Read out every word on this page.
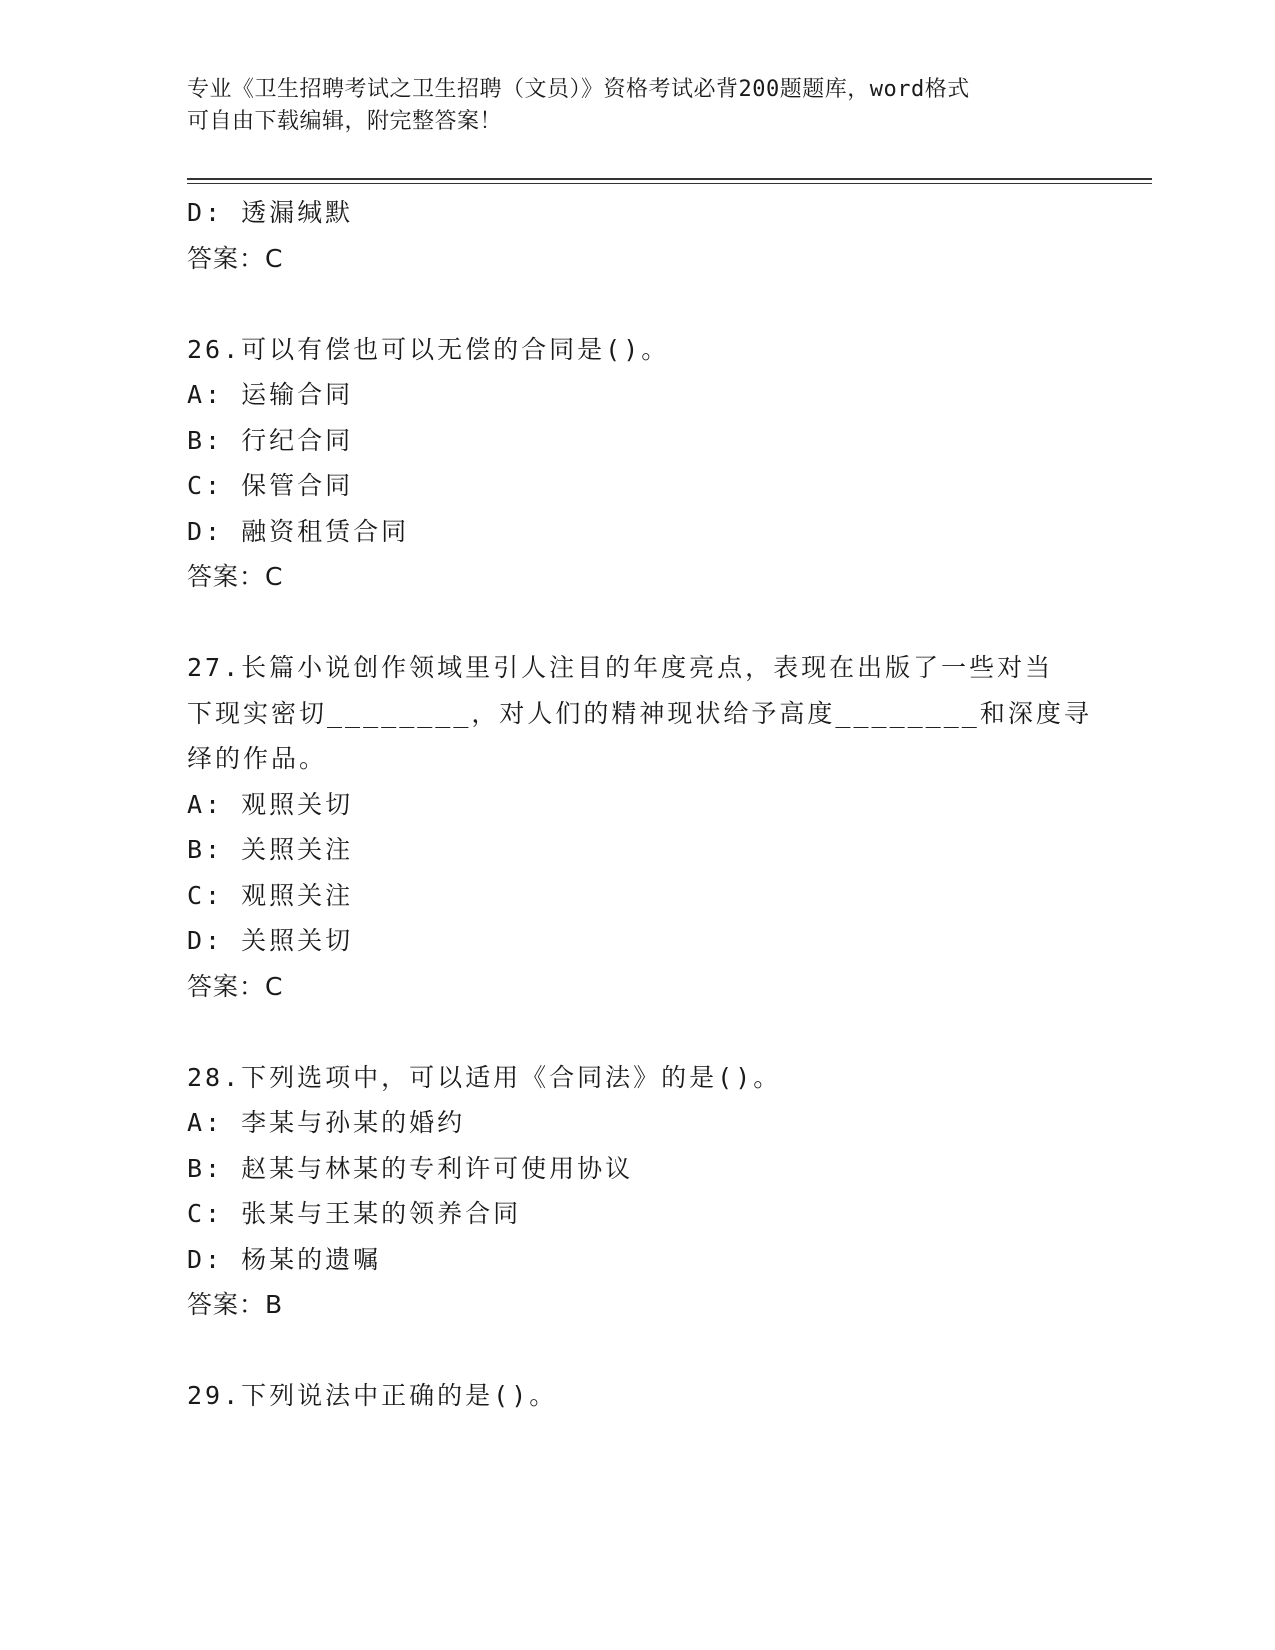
专业《卫生招聘考试之卫生招聘（文员）》资格考试必背200题题库，word格式
可自由下载编辑，附完整答案！
D: 透漏缄默
答案：C
26.可以有偿也可以无偿的合同是()。
A: 运输合同
B: 行纪合同
C: 保管合同
D: 融资租赁合同
答案：C
27.长篇小说创作领域里引人注目的年度亮点，表现在出版了一些对当
下现实密切________，对人们的精神现状给予高度________和深度寻
绎的作品。
A: 观照关切
B: 关照关注
C: 观照关注
D: 关照关切
答案：C
28.下列选项中，可以适用《合同法》的是()。
A: 李某与孙某的婚约
B: 赵某与林某的专利许可使用协议
C: 张某与王某的领养合同
D: 杨某的遗嘱
答案：B
29.下列说法中正确的是()。
